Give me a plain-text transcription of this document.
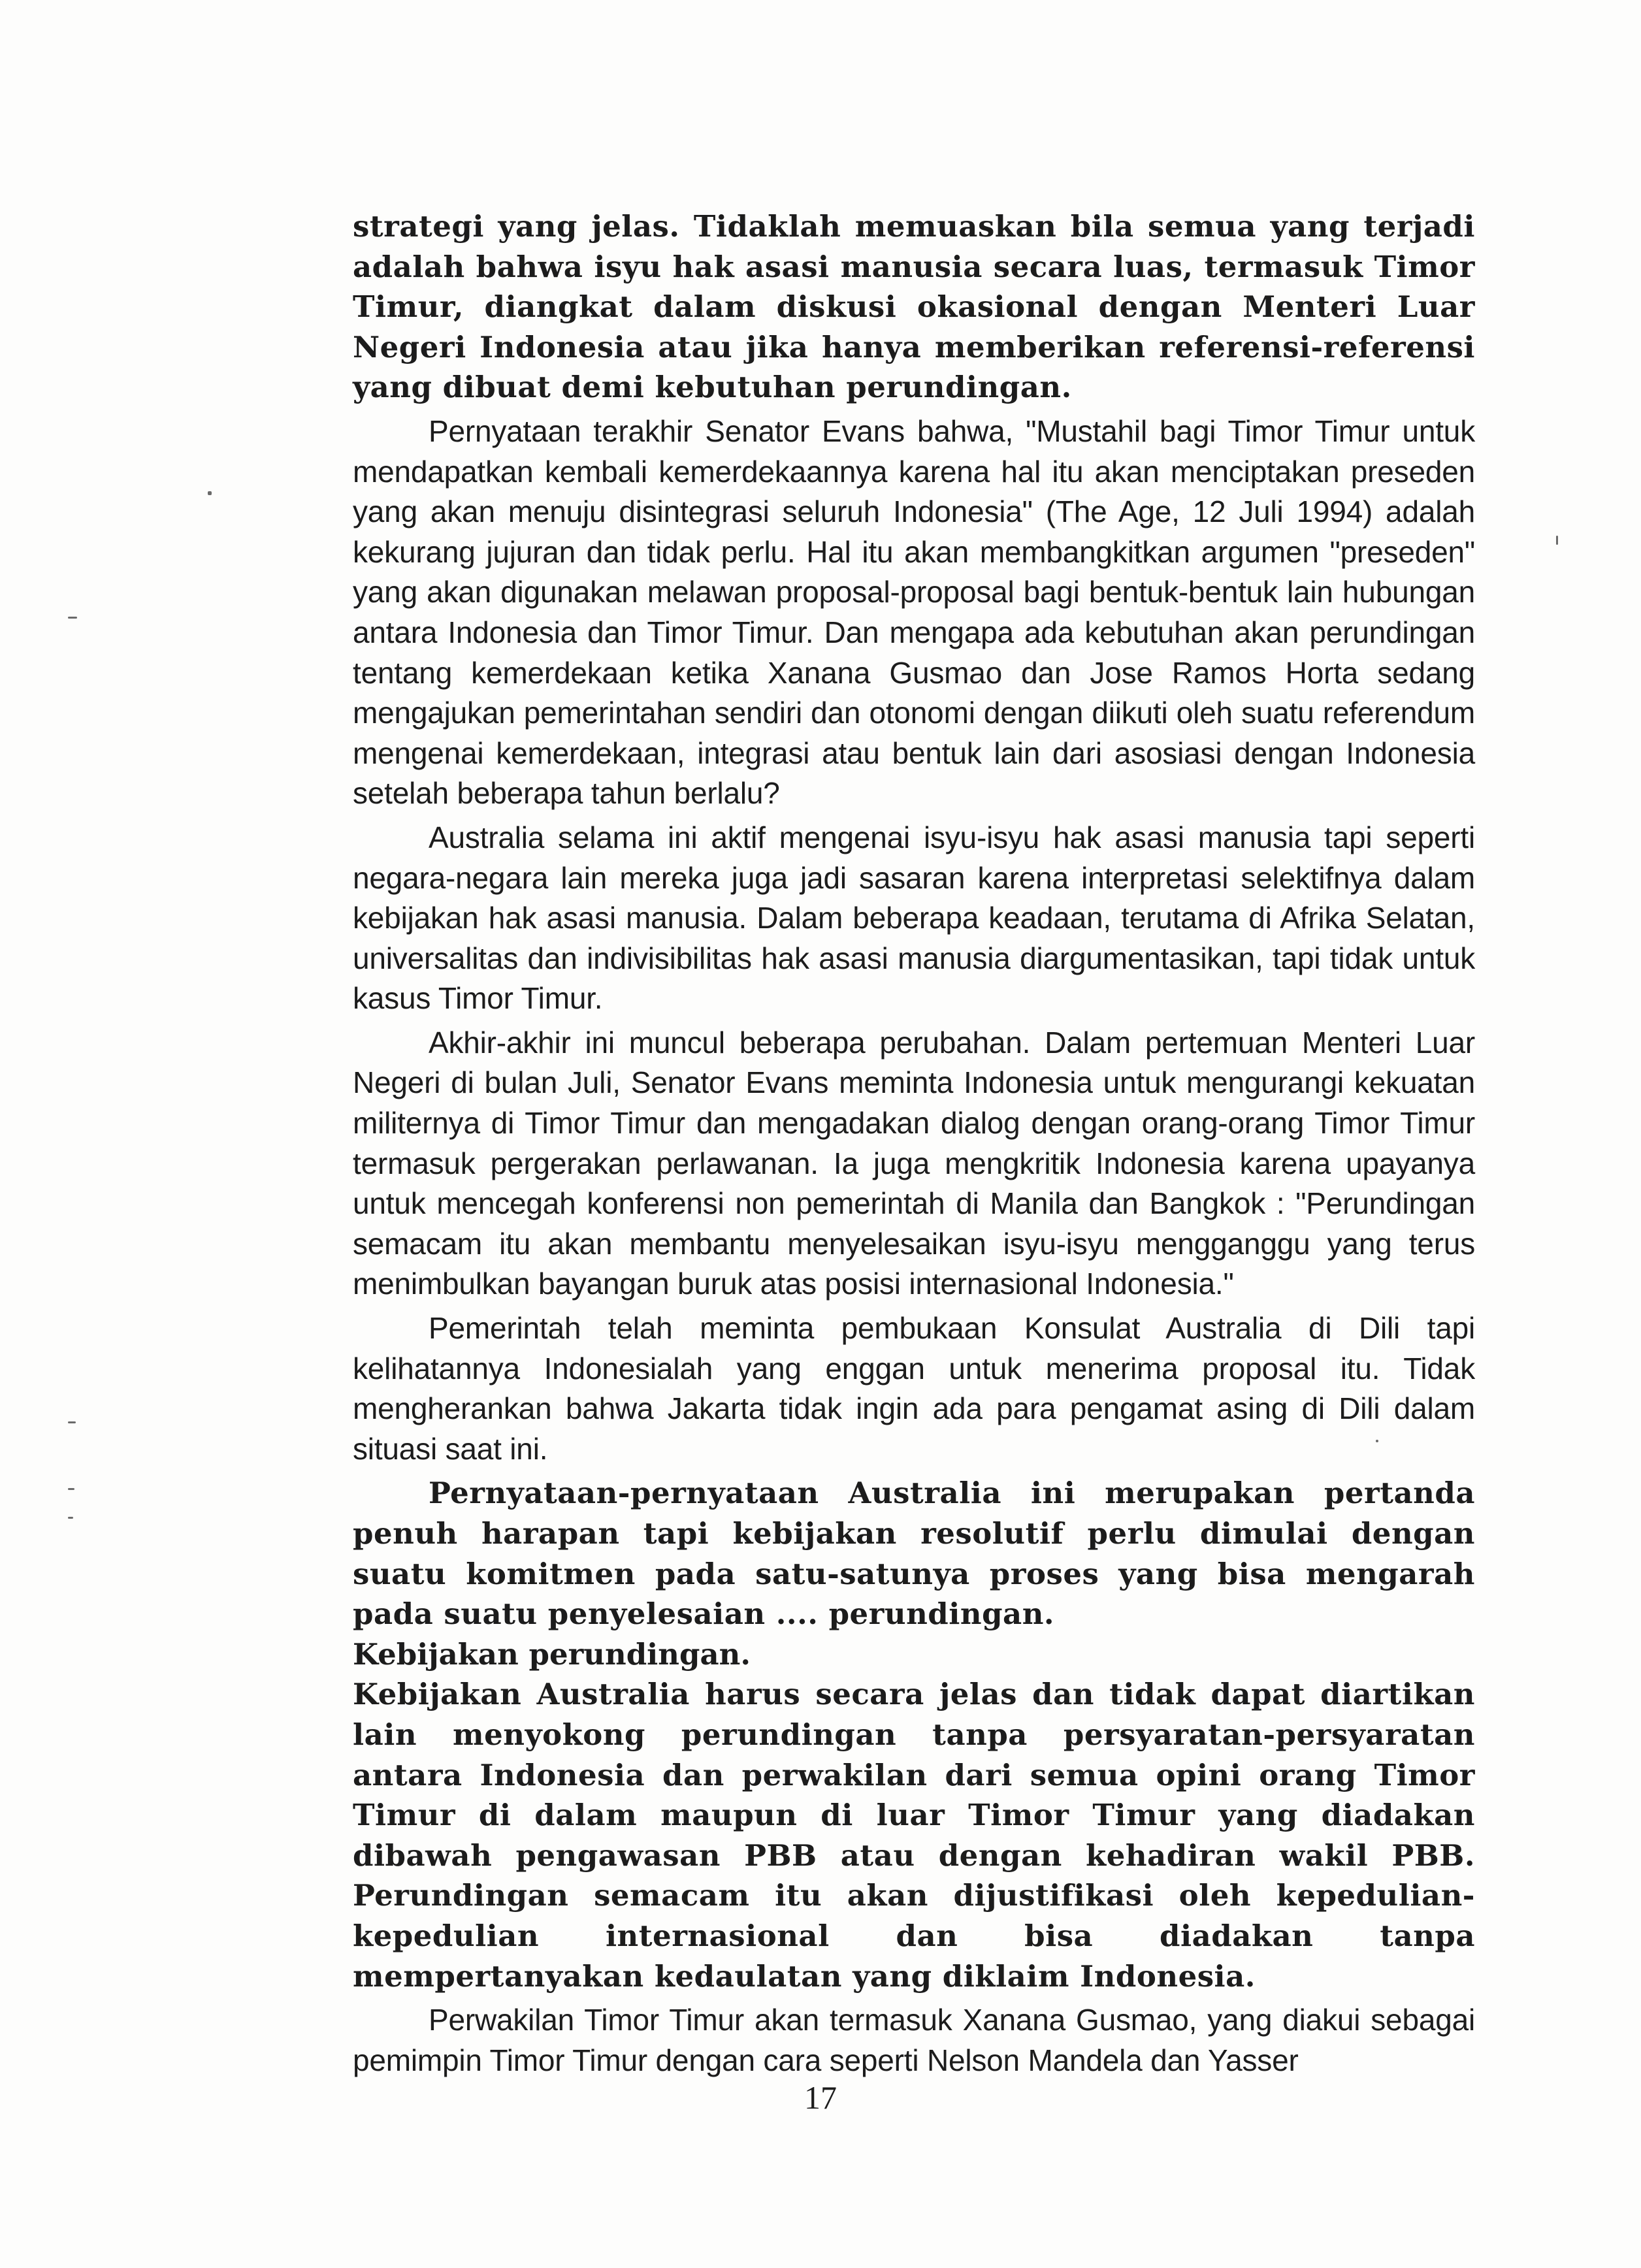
strategi yang jelas. Tidaklah memuaskan bila semua yang terjadi adalah bahwa isyu hak asasi manusia secara luas, termasuk Timor Timur, diangkat dalam diskusi okasional dengan Menteri Luar Negeri Indonesia atau jika hanya memberikan referensi-referensi yang dibuat demi kebutuhan perundingan.

Pernyataan terakhir Senator Evans bahwa, "Mustahil bagi Timor Timur untuk mendapatkan kembali kemerdekaannya karena hal itu akan menciptakan preseden yang akan menuju disintegrasi seluruh Indonesia" (The Age, 12 Juli 1994) adalah kekurang jujuran dan tidak perlu. Hal itu akan membangkitkan argumen "preseden" yang akan digunakan melawan proposal-proposal bagi bentuk-bentuk lain hubungan antara Indonesia dan Timor Timur. Dan mengapa ada kebutuhan akan perundingan tentang kemerdekaan ketika Xanana Gusmao dan Jose Ramos Horta sedang mengajukan pemerintahan sendiri dan otonomi dengan diikuti oleh suatu referendum mengenai kemerdekaan, integrasi atau bentuk lain dari asosiasi dengan Indonesia setelah beberapa tahun berlalu?

Australia selama ini aktif mengenai isyu-isyu hak asasi manusia tapi seperti negara-negara lain mereka juga jadi sasaran karena interpretasi selektifnya dalam kebijakan hak asasi manusia. Dalam beberapa keadaan, terutama di Afrika Selatan, universalitas dan indivisibilitas hak asasi manusia diargumentasikan, tapi tidak untuk kasus Timor Timur.

Akhir-akhir ini muncul beberapa perubahan. Dalam pertemuan Menteri Luar Negeri di bulan Juli, Senator Evans meminta Indonesia untuk mengurangi kekuatan militernya di Timor Timur dan mengadakan dialog dengan orang-orang Timor Timur termasuk pergerakan perlawanan. Ia juga mengkritik Indonesia karena upayanya untuk mencegah konferensi non pemerintah di Manila dan Bangkok : "Perundingan semacam itu akan membantu menyelesaikan isyu-isyu mengganggu yang terus menimbulkan bayangan buruk atas posisi internasional Indonesia."

Pemerintah telah meminta pembukaan Konsulat Australia di Dili tapi kelihatannya Indonesialah yang enggan untuk menerima proposal itu. Tidak mengherankan bahwa Jakarta tidak ingin ada para pengamat asing di Dili dalam situasi saat ini.

Pernyataan-pernyataan Australia ini merupakan pertanda penuh harapan tapi kebijakan resolutif perlu dimulai dengan suatu komitmen pada satu-satunya proses yang bisa mengarah pada suatu penyelesaian .... perundingan.

Kebijakan perundingan.

Kebijakan Australia harus secara jelas dan tidak dapat diartikan lain menyokong perundingan tanpa persyaratan-persyaratan antara Indonesia dan perwakilan dari semua opini orang Timor Timur di dalam maupun di luar Timor Timur yang diadakan dibawah pengawasan PBB atau dengan kehadiran wakil PBB. Perundingan semacam itu akan dijustifikasi oleh kepedulian-kepedulian internasional dan bisa diadakan tanpa mempertanyakan kedaulatan yang diklaim Indonesia.

Perwakilan Timor Timur akan termasuk Xanana Gusmao, yang diakui sebagai pemimpin Timor Timur dengan cara seperti Nelson Mandela dan Yasser

17
